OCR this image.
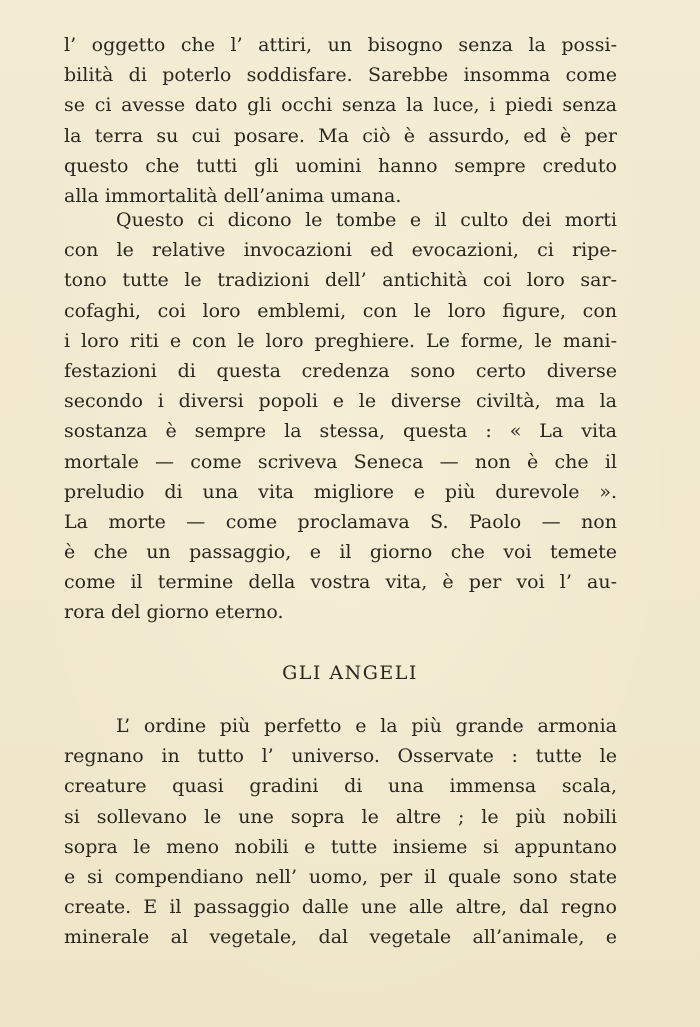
l’ oggetto che l’ attiri, un bisogno senza la possi-
bilità di poterlo soddisfare. Sarebbe insomma come
se ci avesse dato gli occhi senza la luce, i piedi senza
la terra su cui posare. Ma ciò è assurdo, ed è per
questo che tutti gli uomini hanno sempre creduto
alla immortalità dell’anima umana.
Questo ci dicono le tombe e il culto dei morti
con le relative invocazioni ed evocazioni, ci ripe-
tono tutte le tradizioni dell’ antichità coi loro sar-
cofaghi, coi loro emblemi, con le loro figure, con
i loro riti e con le loro preghiere. Le forme, le mani-
festazioni di questa credenza sono certo diverse
secondo i diversi popoli e le diverse civiltà, ma la
sostanza è sempre la stessa, questa : « La vita
mortale — come scriveva Seneca — non è che il
preludio di una vita migliore e più durevole ».
La morte — come proclamava S. Paolo — non
è che un passaggio, e il giorno che voi temete
come il termine della vostra vita, è per voi l’ au-
rora del giorno eterno.
GLI ANGELI
L’ ordine più perfetto e la più grande armonia
regnano in tutto l’ universo. Osservate : tutte le
creature quasi gradini di una immensa scala,
si sollevano le une sopra le altre ; le più nobili
sopra le meno nobili e tutte insieme si appuntano
e si compendiano nell’ uomo, per il quale sono state
create. E il passaggio dalle une alle altre, dal regno
minerale al vegetale, dal vegetale all’animale, e
